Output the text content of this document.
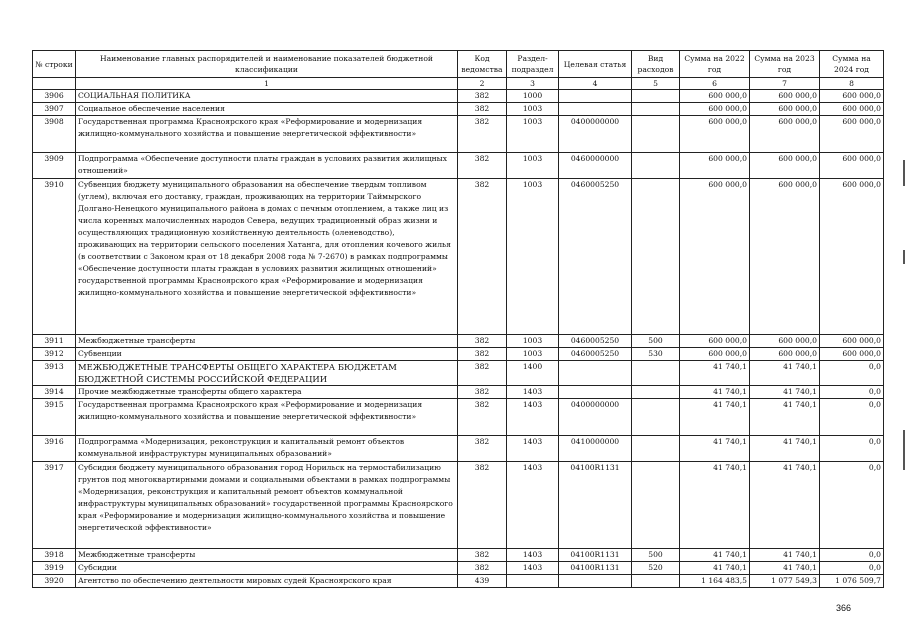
№ строки	Наименование главных распорядителей и наименование показателей бюджетной классификации	Код ведомства	Раздел-подраздел	Целевая статья	Вид расходов	Сумма на 2022 год	Сумма на 2023 год	Сумма на 2024 год
	1	2	3	4	5	6	7	8
3906	СОЦИАЛЬНАЯ ПОЛИТИКА	382	1000			600 000,0	600 000,0	600 000,0
3907	Социальное обеспечение населения	382	1003			600 000,0	600 000,0	600 000,0
3908	Государственная программа Красноярского края «Реформирование и модернизация жилищно-коммунального хозяйства и повышение энергетической эффективности»	382	1003	0400000000		600 000,0	600 000,0	600 000,0
3909	Подпрограмма «Обеспечение доступности платы граждан в условиях развития жилищных отношений»	382	1003	0460000000		600 000,0	600 000,0	600 000,0
3910	Субвенция бюджету муниципального образования на обеспечение твердым топливом (углем), включая его доставку, граждан, проживающих на территории Таймырского Долгано-Ненецкого муниципального района в домах с печным отоплением, а также лиц из числа коренных малочисленных народов Севера, ведущих традиционный образ жизни и осуществляющих традиционную хозяйственную деятельность (оленеводство), проживающих на территории сельского поселения Хатанга, для отопления кочевого жилья (в соответствии с Законом края от 18 декабря 2008 года № 7-2670) в рамках подпрограммы «Обеспечение доступности платы граждан в условиях развития жилищных отношений» государственной программы Красноярского края «Реформирование и модернизация жилищно-коммунального хозяйства и повышение энергетической эффективности»	382	1003	0460005250		600 000,0	600 000,0	600 000,0
3911	Межбюджетные трансферты	382	1003	0460005250	500	600 000,0	600 000,0	600 000,0
3912	Субвенции	382	1003	0460005250	530	600 000,0	600 000,0	600 000,0
3913	МЕЖБЮДЖЕТНЫЕ ТРАНСФЕРТЫ ОБЩЕГО ХАРАКТЕРА БЮДЖЕТАМ БЮДЖЕТНОЙ СИСТЕМЫ РОССИЙСКОЙ ФЕДЕРАЦИИ	382	1400			41 740,1	41 740,1	0,0
3914	Прочие межбюджетные трансферты общего характера	382	1403			41 740,1	41 740,1	0,0
3915	Государственная программа Красноярского края «Реформирование и модернизация жилищно-коммунального хозяйства и повышение энергетической эффективности»	382	1403	0400000000		41 740,1	41 740,1	0,0
3916	Подпрограмма «Модернизация, реконструкция и капитальный ремонт объектов коммунальной инфраструктуры муниципальных образований»	382	1403	0410000000		41 740,1	41 740,1	0,0
3917	Субсидия бюджету муниципального образования город Норильск на термостабилизацию грунтов под многоквартирными домами и социальными объектами в рамках подпрограммы «Модернизация, реконструкция и капитальный ремонт объектов коммунальной инфраструктуры муниципальных образований» государственной программы Красноярского края «Реформирование и модернизация жилищно-коммунального хозяйства и повышение энергетической эффективности»	382	1403	04100R1131		41 740,1	41 740,1	0,0
3918	Межбюджетные трансферты	382	1403	04100R1131	500	41 740,1	41 740,1	0,0
3919	Субсидии	382	1403	04100R1131	520	41 740,1	41 740,1	0,0
3920	Агентство по обеспечению деятельности мировых судей Красноярского края	439				1 164 483,5	1 077 549,3	1 076 509,7
366
